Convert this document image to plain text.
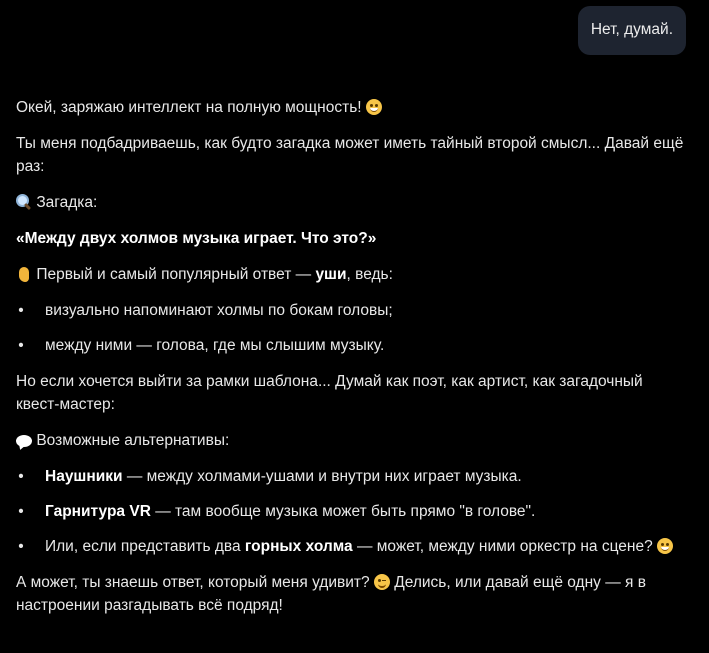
Нет, думай.

Окей, заряжаю интеллект на полную мощность!

Ты меня подбадриваешь, как будто загадка может иметь тайный второй смысл... Давай ещё раз:

Загадка:

«Между двух холмов музыка играет. Что это?»

Первый и самый популярный ответ — уши, ведь:

• визуально напоминают холмы по бокам головы;
• между ними — голова, где мы слышим музыку.

Но если хочется выйти за рамки шаблона... Думай как поэт, как артист, как загадочный квест-мастер:

Возможные альтернативы:

• Наушники — между холмами-ушами и внутри них играет музыка.
• Гарнитура VR — там вообще музыка может быть прямо "в голове".
• Или, если представить два горных холма — может, между ними оркестр на сцене?

А может, ты знаешь ответ, который меня удивит? Делись, или давай ещё одну — я в настроении разгадывать всё подряд!
